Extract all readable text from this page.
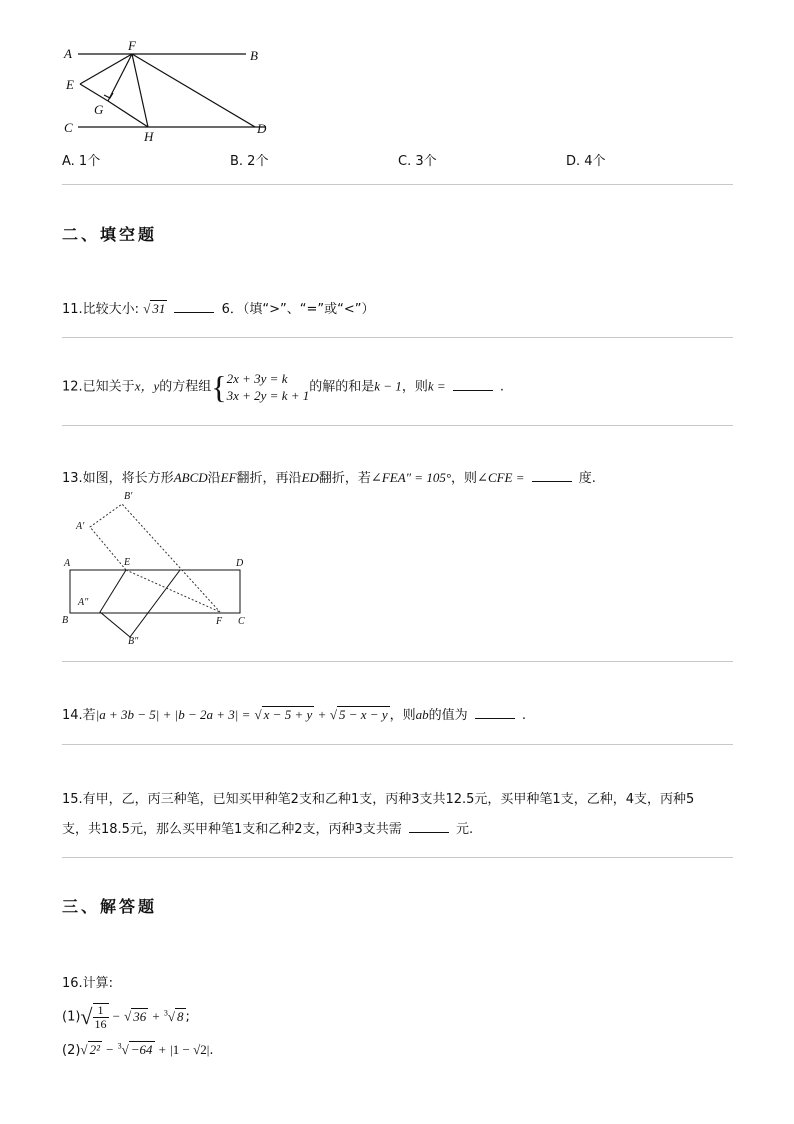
A
F
B
E
G
C
H
D
A. 1个	B. 2个	C. 3个	D. 4个
二、填空题
11.比较大小: √ 31	6．（填“>”、“=”或“<”）
12.已知关于x，y的方程组{ 2x + 3y = k
3x + 2y = k + 1
的解的和是k − 1，则k =	.
13.如图，将长方形ABCD沿EF翻折，再沿ED翻折，若∠FEA″ = 105°，则∠CFE =	度.
B′
A′
A	E	D
A″
B	F C
B″
14.若|a + 3b − 5| + |b − 2a + 3| = √ x − 5 + y + √ 5 − x − y ，则ab的值为	.
15.有甲，乙，丙三种笔，已知买甲种笔2支和乙种1支，丙种3支共12.5元，买甲种笔1支，乙种，4支，丙种5
支，共18.5元，那么买甲种笔1支和乙种2支，丙种3支共需	元.
三、解答题
16.计算:
$(1)√ \frac{1}{16}$ − √ 36 + $^3$√ 8 ;
(2)√ 2² − $^3$√ −64 + |1 − √2|.
